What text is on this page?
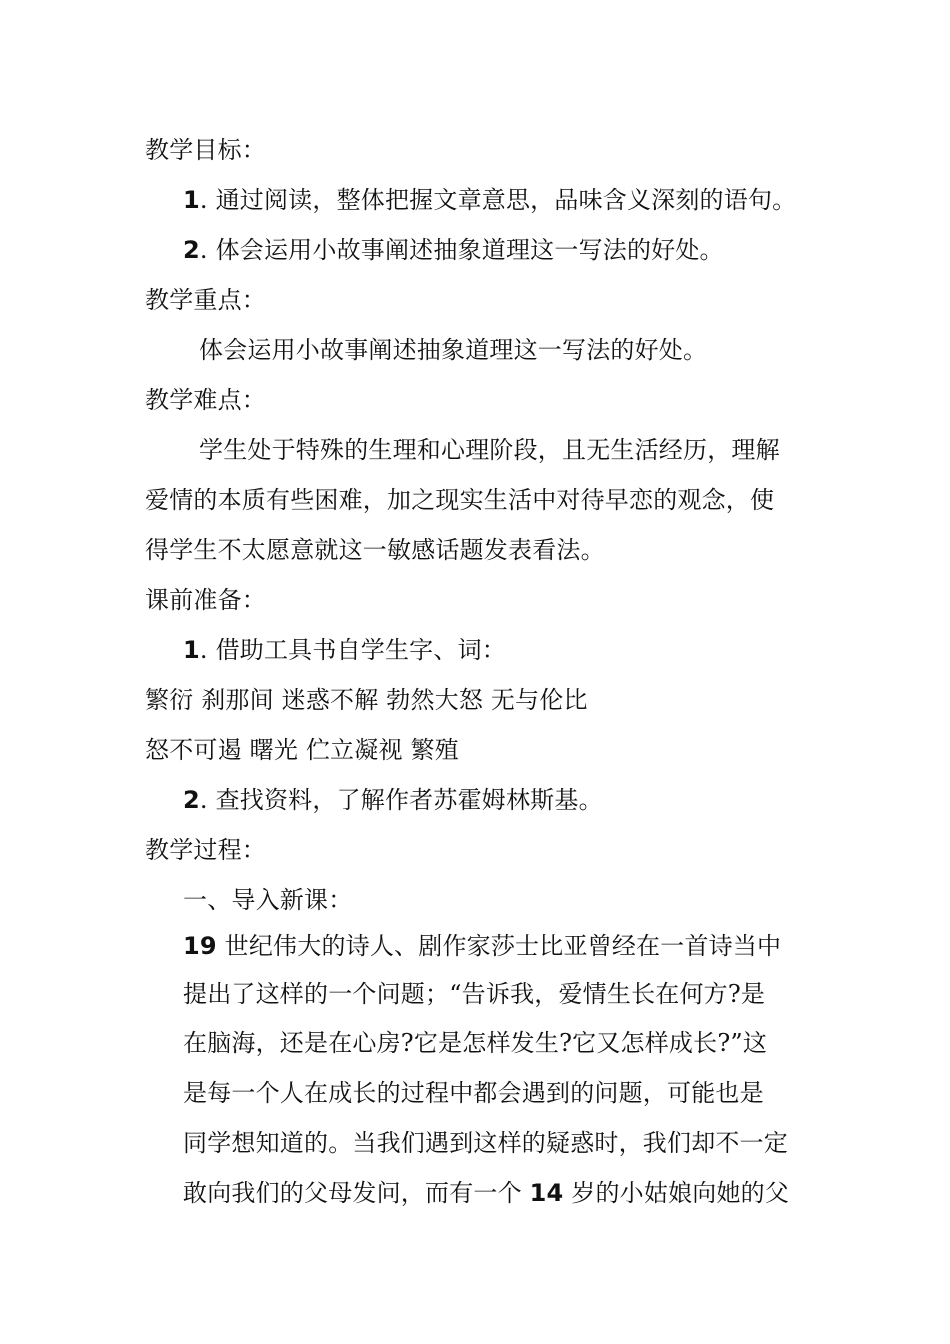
教学目标：
1. 通过阅读，整体把握文章意思，品味含义深刻的语句。
2. 体会运用小故事阐述抽象道理这一写法的好处。
教学重点：
体会运用小故事阐述抽象道理这一写法的好处。
教学难点：
学生处于特殊的生理和心理阶段，且无生活经历，理解
爱情的本质有些困难，加之现实生活中对待早恋的观念，使
得学生不太愿意就这一敏感话题发表看法。
课前准备：
1. 借助工具书自学生字、词：
繁衍 刹那间 迷惑不解 勃然大怒 无与伦比
怒不可遏 曙光 伫立凝视 繁殖
2. 查找资料，了解作者苏霍姆林斯基。
教学过程：
一、导入新课：
19 世纪伟大的诗人、剧作家莎士比亚曾经在一首诗当中
提出了这样的一个问题；“告诉我，爱情生长在何方?是
在脑海，还是在心房?它是怎样发生?它又怎样成长?”这
是每一个人在成长的过程中都会遇到的问题，可能也是
同学想知道的。当我们遇到这样的疑惑时，我们却不一定
敢向我们的父母发问，而有一个 14 岁的小姑娘向她的父
